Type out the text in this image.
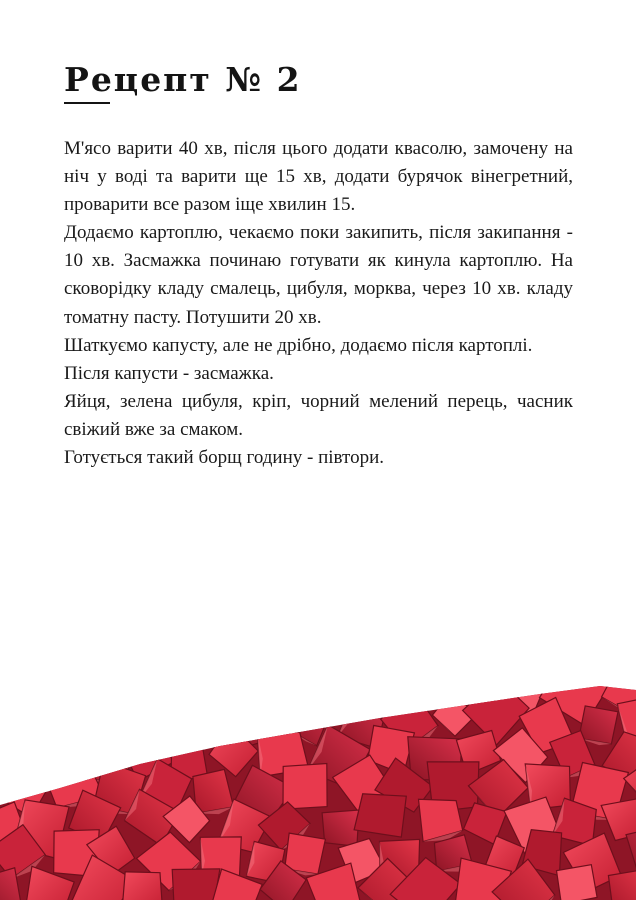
Рецепт № 2

М'ясо варити 40 хв, після цього додати квасолю, замочену на ніч у воді та варити ще 15 хв, додати бурячок вінегретний, проварити все разом іще хвилин 15.

Додаємо картоплю, чекаємо поки закипить, після закипання - 10 хв. Засмажка починаю готувати як кинула картоплю. На сковорідку кладу смалець, цибуля, морква, через 10 хв. кладу томатну пасту. Потушити 20 хв.

Шаткуємо капусту, але не дрібно, додаємо після картоплі.

Після капусти - засмажка.

Яйця, зелена цибуля, кріп, чорний мелений перець, часник свіжий вже за смаком.

Готується такий борщ годину - півтори.
